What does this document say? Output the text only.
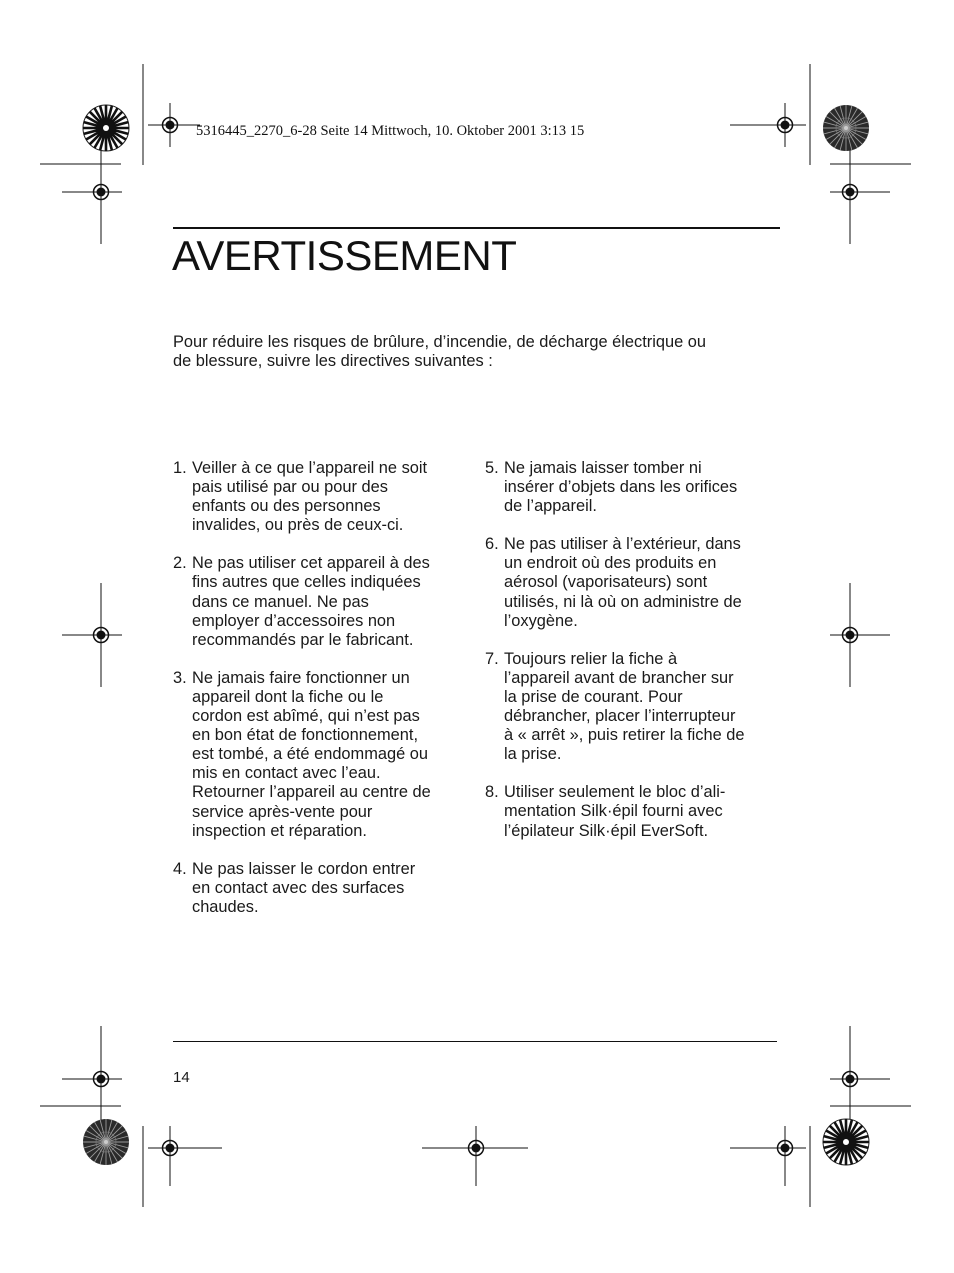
5316445_2270_6-28 Seite 14 Mittwoch, 10. Oktober 2001 3:13 15
AVERTISSEMENT

Pour réduire les risques de brûlure, d’incendie, de décharge électrique ou
de blessure, suivre les directives suivantes :

1. Veiller à ce que l’appareil ne soit
pais utilisé par ou pour des
enfants ou des personnes
invalides, ou près de ceux-ci.
2. Ne pas utiliser cet appareil à des
fins autres que celles indiquées
dans ce manuel. Ne pas
employer d’accessoires non
recommandés par le fabricant.
3. Ne jamais faire fonctionner un
appareil dont la fiche ou le
cordon est abîmé, qui n’est pas
en bon état de fonctionnement,
est tombé, a été endommagé ou
mis en contact avec l’eau.
Retourner l’appareil au centre de
service après-vente pour
inspection et réparation.
4. Ne pas laisser le cordon entrer
en contact avec des surfaces
chaudes.
5. Ne jamais laisser tomber ni
insérer d’objets dans les orifices
de l’appareil.
6. Ne pas utiliser à l’extérieur, dans
un endroit où des produits en
aérosol (vaporisateurs) sont
utilisés, ni là où on administre de
l’oxygène.
7. Toujours relier la fiche à
l’appareil avant de brancher sur
la prise de courant. Pour
débrancher, placer l’interrupteur
à « arrêt », puis retirer la fiche de
la prise.
8. Utiliser seulement le bloc d’ali-
mentation Silk·épil fourni avec
l’épilateur Silk·épil EverSoft.
14
